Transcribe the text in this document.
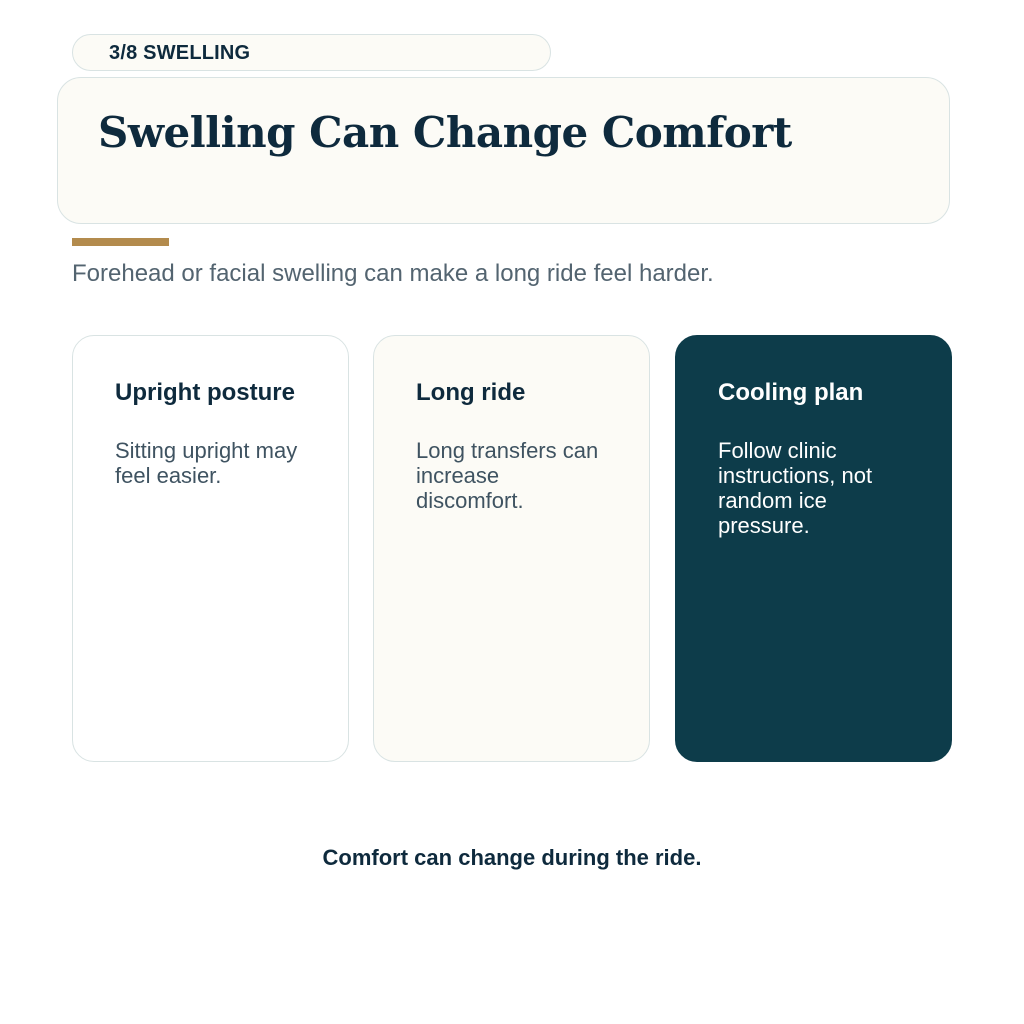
3/8 SWELLING
Swelling Can Change Comfort
Forehead or facial swelling can make a long ride feel harder.
Upright posture
Sitting upright may feel easier.
Long ride
Long transfers can increase discomfort.
Cooling plan
Follow clinic instructions, not random ice pressure.
Comfort can change during the ride.
